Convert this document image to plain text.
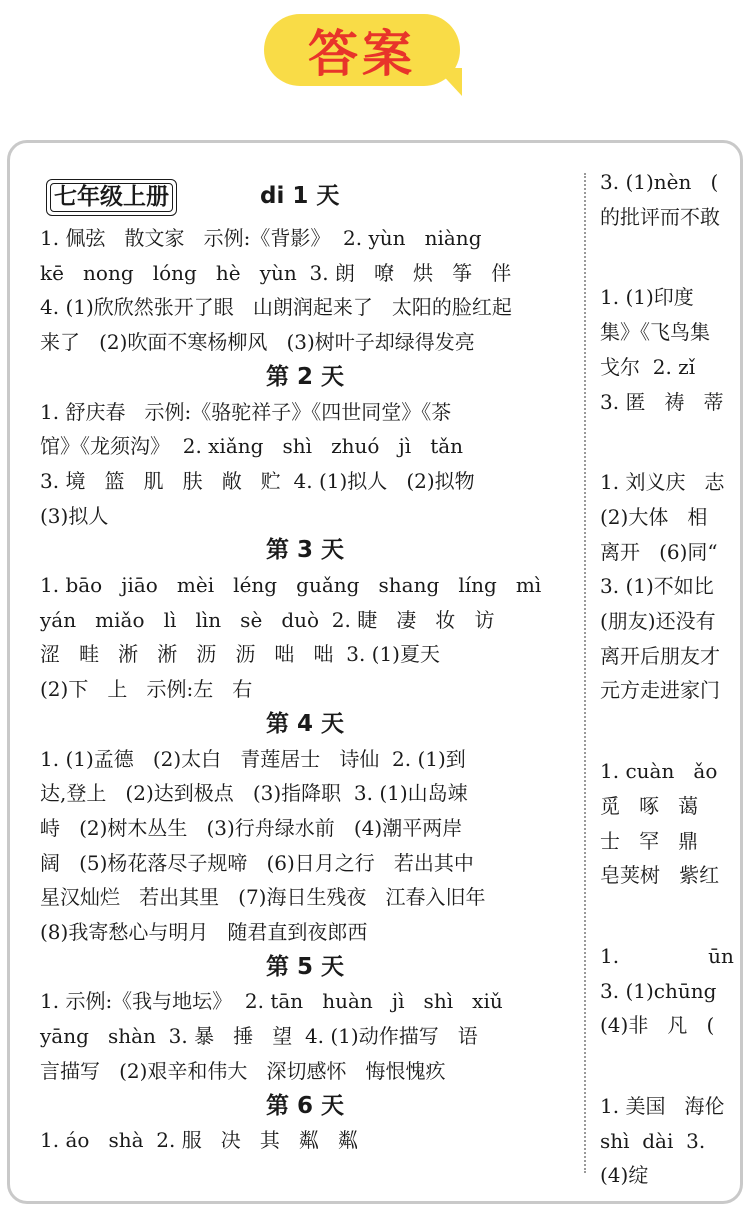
答案
七年级上册	di 1 天
1. 佩弦   散文家   示例:《背影》  2. yùn   niàng
kē   nong   lóng   hè   yùn  3. 朗   嘹   烘   筝   伴
4. (1)欣欣然张开了眼   山朗润起来了   太阳的脸红起
来了   (2)吹面不寒杨柳风   (3)树叶子却绿得发亮
第 2 天
1. 舒庆春   示例:《骆驼祥子》《四世同堂》《茶
馆》《龙须沟》  2. xiǎng   shì   zhuó   jì   tǎn
3. 境   篮   肌   肤   敞   贮  4. (1)拟人   (2)拟物
(3)拟人
第 3 天
1. bāo   jiāo   mèi   léng   guǎng   shang   líng   mì
yán   miǎo   lì   lìn   sè   duò  2. 睫   凄   妆   访
涩   畦   淅   淅   沥   沥   咄   咄  3. (1)夏天
(2)下   上   示例:左   右
第 4 天
1. (1)孟德   (2)太白   青莲居士   诗仙  2. (1)到
达,登上   (2)达到极点   (3)指降职  3. (1)山岛竦
峙   (2)树木丛生   (3)行舟绿水前   (4)潮平两岸
阔   (5)杨花落尽子规啼   (6)日月之行   若出其中
星汉灿烂   若出其里   (7)海日生残夜   江春入旧年
(8)我寄愁心与明月   随君直到夜郎西
第 5 天
1. 示例:《我与地坛》  2. tān   huàn   jì   shì   xiǔ
yāng   shàn  3. 暴   捶   望  4. (1)动作描写   语
言描写   (2)艰辛和伟大   深切感怀   悔恨愧疚
第 6 天
1. áo   shà  2. 服   决   其   粼   粼
3. (1)nèn   (
的批评而不敢
1. (1)印度
集》《飞鸟集
戈尔  2. zǐ
3. 匿   祷   蒂
1. 刘义庆   志
(2)大体   相
离开   (6)同“
3. (1)不如比
(朋友)还没有
离开后朋友才
元方走进家门
1. cuàn   ǎo
觅   啄   蔼
士   罕   鼎
皂荚树   紫红
1.              ūn
3. (1)chūng
(4)非   凡   (
1. 美国   海伦
shì  dài  3.
(4)绽
